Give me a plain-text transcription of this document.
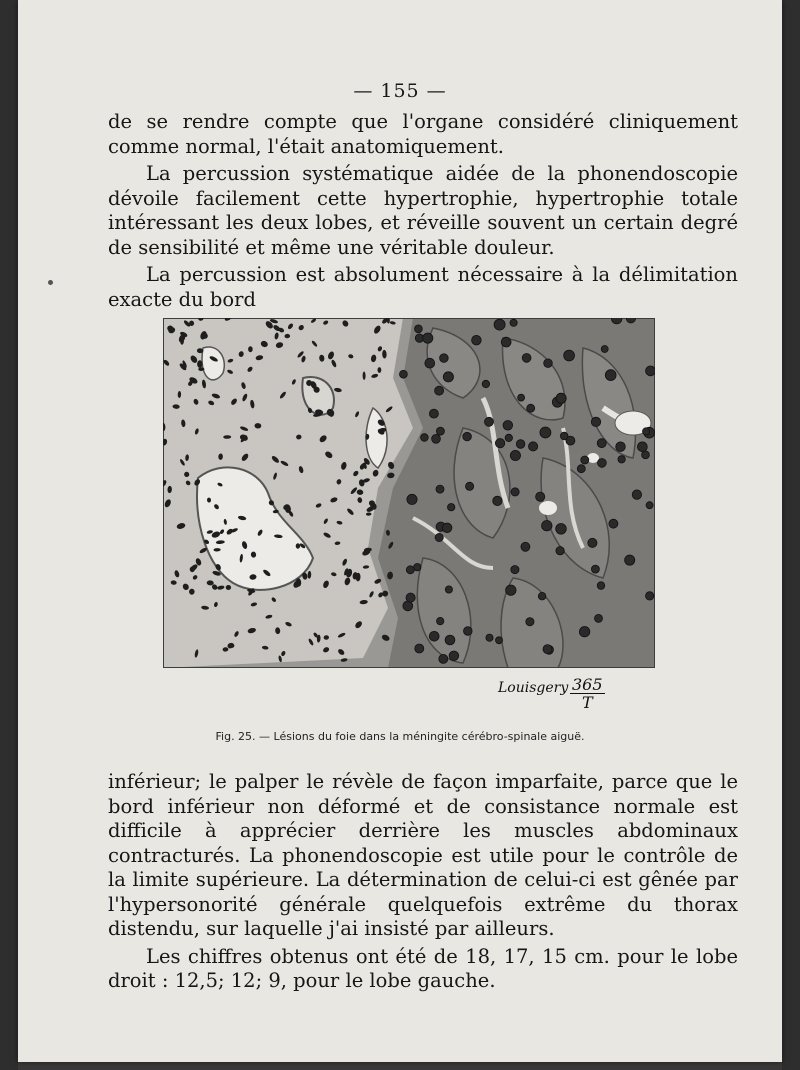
— 155 —

de se rendre compte que l'organe considéré cliniquement comme normal, l'était anatomiquement.

La percussion systématique aidée de la phonendoscopie dévoile facilement cette hypertrophie, hypertrophie totale intéressant les deux lobes, et réveille souvent un certain degré de sensibilité et même une véritable douleur.

La percussion est absolument nécessaire à la délimitation exacte du bord

Louisgery 365
T
Fig. 25. — Lésions du foie dans la méningite cérébro-spinale aiguë.

inférieur; le palper le révèle de façon imparfaite, parce que le bord inférieur non déformé et de consistance normale est difficile à apprécier derrière les muscles abdominaux contracturés. La phonendoscopie est utile pour le contrôle de la limite supérieure. La détermination de celui-ci est gênée par l'hypersonorité générale quelquefois extrême du thorax distendu, sur laquelle j'ai insisté par ailleurs.

Les chiffres obtenus ont été de 18, 17, 15 cm. pour le lobe droit : 12,5; 12; 9, pour le lobe gauche.
